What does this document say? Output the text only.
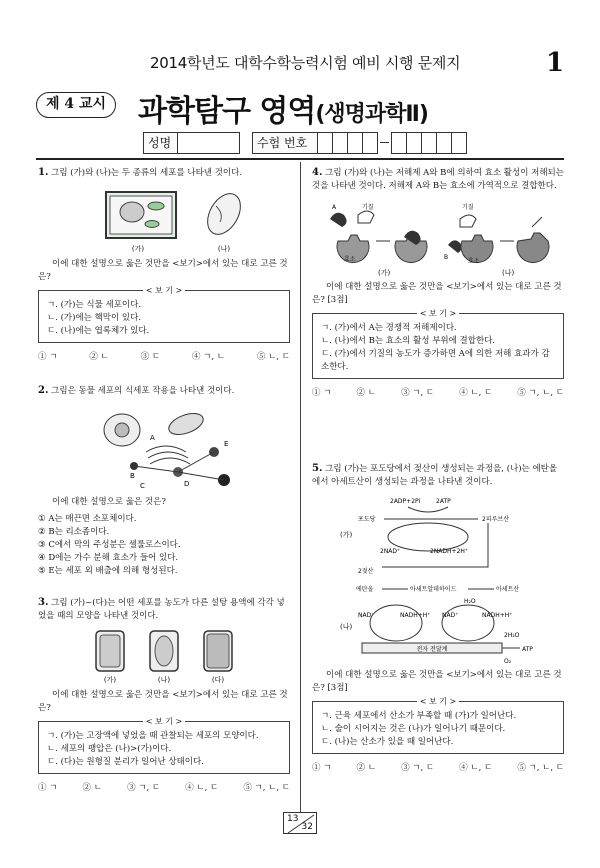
2014학년도 대학수학능력시험 예비 시행 문제지	1
제 4 교시	과학탐구 영역(생명과학Ⅱ)
성명	수험 번호
1. 그림 (가)와 (나)는 두 종류의 세포를 나타낸 것이다.
(가)	(나)
이에 대한 설명으로 옳은 것만을 <보기>에서 있는 대로 고른 것은?
< 보 기 >
ㄱ. (가)는 식물 세포이다.
ㄴ. (가)에는 핵막이 있다.
ㄷ. (나)에는 엽록체가 있다.
① ㄱ	② ㄴ	③ ㄷ	④ ㄱ, ㄴ	⑤ ㄴ, ㄷ
2. 그림은 동물 세포의 식세포 작용을 나타낸 것이다.
A
B
C	D
E
이에 대한 설명으로 옳은 것은?
① A는 매끈면 소포체이다.
② B는 리소좀이다.
③ C에서 막의 주성분은 셀룰로스이다.
④ D에는 가수 분해 효소가 들어 있다.
⑤ E는 세포 외 배출에 의해 형성된다.
3. 그림 (가)~(다)는 어떤 세포를 농도가 다른 설탕 용액에 각각 넣었을 때의 모양을 나타낸 것이다.
(가)	(나)	(다)
이에 대한 설명으로 옳은 것만을 <보기>에서 있는 대로 고른 것은?
< 보 기 >
ㄱ. (가)는 고장액에 넣었을 때 관찰되는 세포의 모양이다.
ㄴ. 세포의 팽압은 (나)>(가)이다.
ㄷ. (다)는 원형질 분리가 일어난 상태이다.
① ㄱ	② ㄴ	③ ㄱ, ㄷ	④ ㄴ, ㄷ	⑤ ㄱ, ㄴ, ㄷ
4. 그림 (가)와 (나)는 저해제 A와 B에 의하여 효소 활성이 저해되는 것을 나타낸 것이다. 저해제 A와 B는 효소에 가역적으로 결합한다.
A	기질
효소
(가)
기질
B
효소
(나)
이에 대한 설명으로 옳은 것만을 <보기>에서 있는 대로 고른 것은? [3점]
< 보 기 >
ㄱ. (가)에서 A는 경쟁적 저해제이다.
ㄴ. (나)에서 B는 효소의 활성 부위에 결합한다.
ㄷ. (가)에서 기질의 농도가 증가하면 A에 의한 저해 효과가 감소한다.
① ㄱ	② ㄴ	③ ㄱ, ㄷ	④ ㄴ, ㄷ	⑤ ㄱ, ㄴ, ㄷ
5. 그림 (가)는 포도당에서 젖산이 생성되는 과정을, (나)는 에탄올에서 아세트산이 생성되는 과정을 나타낸 것이다.
(가)
2ADP+2Pi	2ATP
포도당	2피루브산
2NAD⁺	2NADH+2H⁺
2젖산
(나)
에탄올	아세트알데하이드	아세트산
H₂O
NAD⁺	NADH+H⁺ NAD⁺	NADH+H⁺
전자 전달계
2H₂O
ATP
O₂
이에 대한 설명으로 옳은 것만을 <보기>에서 있는 대로 고른 것은? [3점]
< 보 기 >
ㄱ. 근육 세포에서 산소가 부족할 때 (가)가 일어난다.
ㄴ. 술이 시어지는 것은 (나)가 일어나기 때문이다.
ㄷ. (나)는 산소가 있을 때 일어난다.
① ㄱ	② ㄴ	③ ㄱ, ㄷ	④ ㄴ, ㄷ	⑤ ㄱ, ㄴ, ㄷ
13
32
